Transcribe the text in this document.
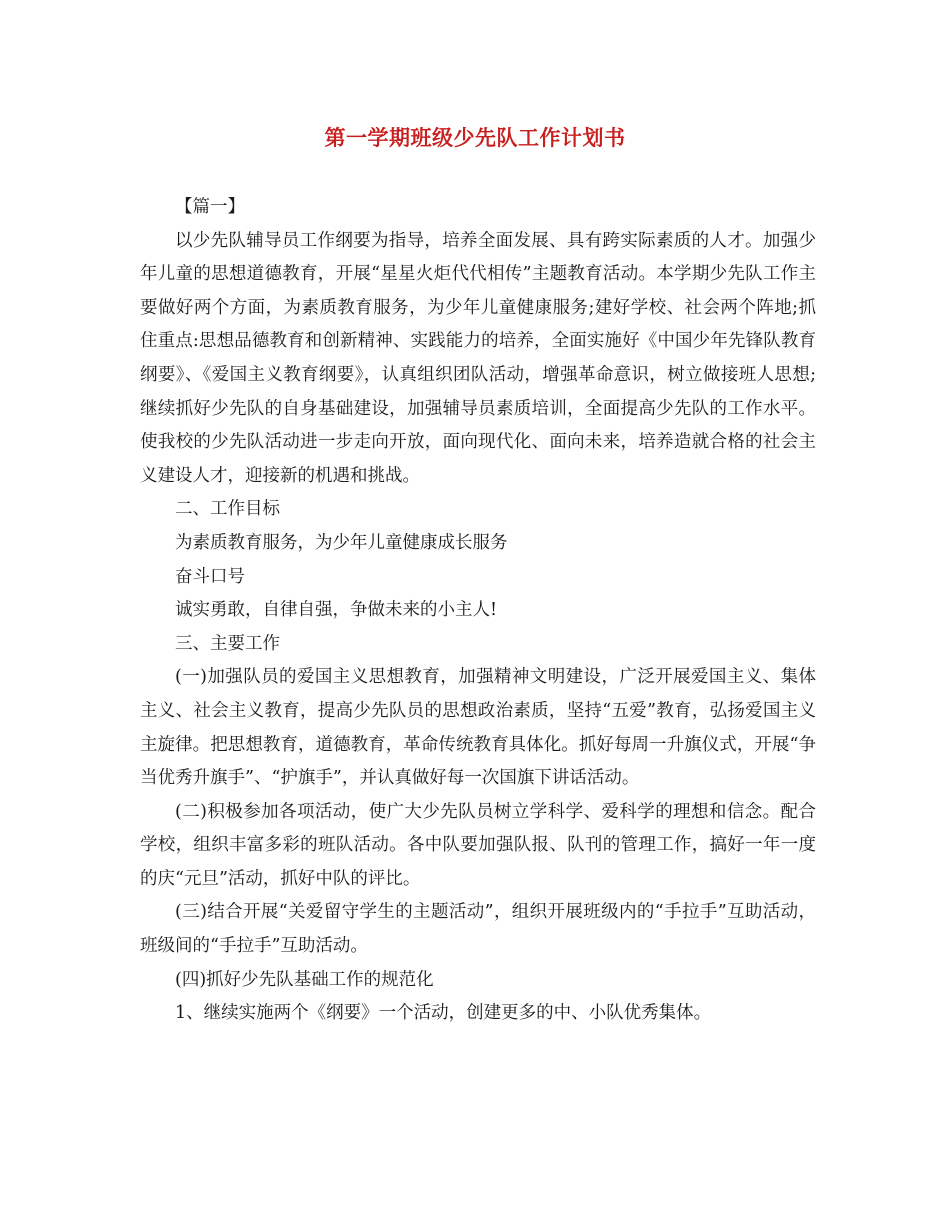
第一学期班级少先队工作计划书

【篇一】

以少先队辅导员工作纲要为指导，培养全面发展、具有跨实际素质的人才。加强少年儿童的思想道德教育，开展“星星火炬代代相传”主题教育活动。本学期少先队工作主要做好两个方面，为素质教育服务，为少年儿童健康服务;建好学校、社会两个阵地;抓住重点:思想品德教育和创新精神、实践能力的培养，全面实施好《中国少年先锋队教育纲要》、《爱国主义教育纲要》，认真组织团队活动，增强革命意识，树立做接班人思想;继续抓好少先队的自身基础建设，加强辅导员素质培训，全面提高少先队的工作水平。使我校的少先队活动进一步走向开放，面向现代化、面向未来，培养造就合格的社会主义建设人才，迎接新的机遇和挑战。

二、工作目标

为素质教育服务，为少年儿童健康成长服务

奋斗口号

诚实勇敢，自律自强，争做未来的小主人!

三、主要工作

(一)加强队员的爱国主义思想教育，加强精神文明建设，广泛开展爱国主义、集体主义、社会主义教育，提高少先队员的思想政治素质，坚持“五爱”教育，弘扬爱国主义主旋律。把思想教育，道德教育，革命传统教育具体化。抓好每周一升旗仪式，开展“争当优秀升旗手”、“护旗手”，并认真做好每一次国旗下讲话活动。

(二)积极参加各项活动，使广大少先队员树立学科学、爱科学的理想和信念。配合学校，组织丰富多彩的班队活动。各中队要加强队报、队刊的管理工作，搞好一年一度的庆“元旦”活动，抓好中队的评比。

(三)结合开展“关爱留守学生的主题活动”，组织开展班级内的“手拉手”互助活动，班级间的“手拉手”互助活动。

(四)抓好少先队基础工作的规范化

1、继续实施两个《纲要》一个活动，创建更多的中、小队优秀集体。
